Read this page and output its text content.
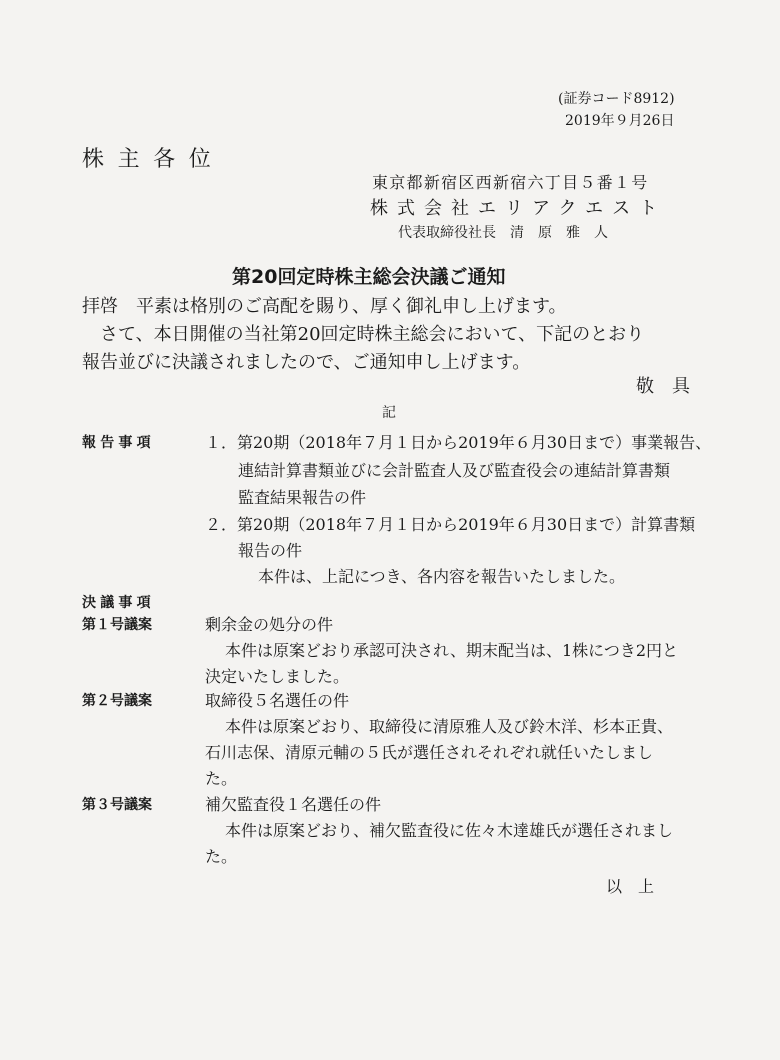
(証券コード8912)
2019年９月26日
株 主 各 位
東京都新宿区西新宿六丁目５番１号
株式会社エリアクエスト
代表取締役社長　清　原　雅　人
第20回定時株主総会決議ご通知
拝啓　平素は格別のご高配を賜り、厚く御礼申し上げます。
さて、本日開催の当社第20回定時株主総会において、下記のとおり
報告並びに決議されましたので、ご通知申し上げます。
敬　具
記
報告事項	１．第20期（2018年７月１日から2019年６月30日まで）事業報告、
連結計算書類並びに会計監査人及び監査役会の連結計算書類
監査結果報告の件
２．第20期（2018年７月１日から2019年６月30日まで）計算書類
報告の件
本件は、上記につき、各内容を報告いたしました。
決議事項
第１号議案	剰余金の処分の件
本件は原案どおり承認可決され、期末配当は、1株につき2円と
決定いたしました。
第２号議案	取締役５名選任の件
本件は原案どおり、取締役に清原雅人及び鈴木洋、杉本正貴、
石川志保、清原元輔の５氏が選任されそれぞれ就任いたしまし
た。
第３号議案	補欠監査役１名選任の件
本件は原案どおり、補欠監査役に佐々木達雄氏が選任されまし
た。
以　上
